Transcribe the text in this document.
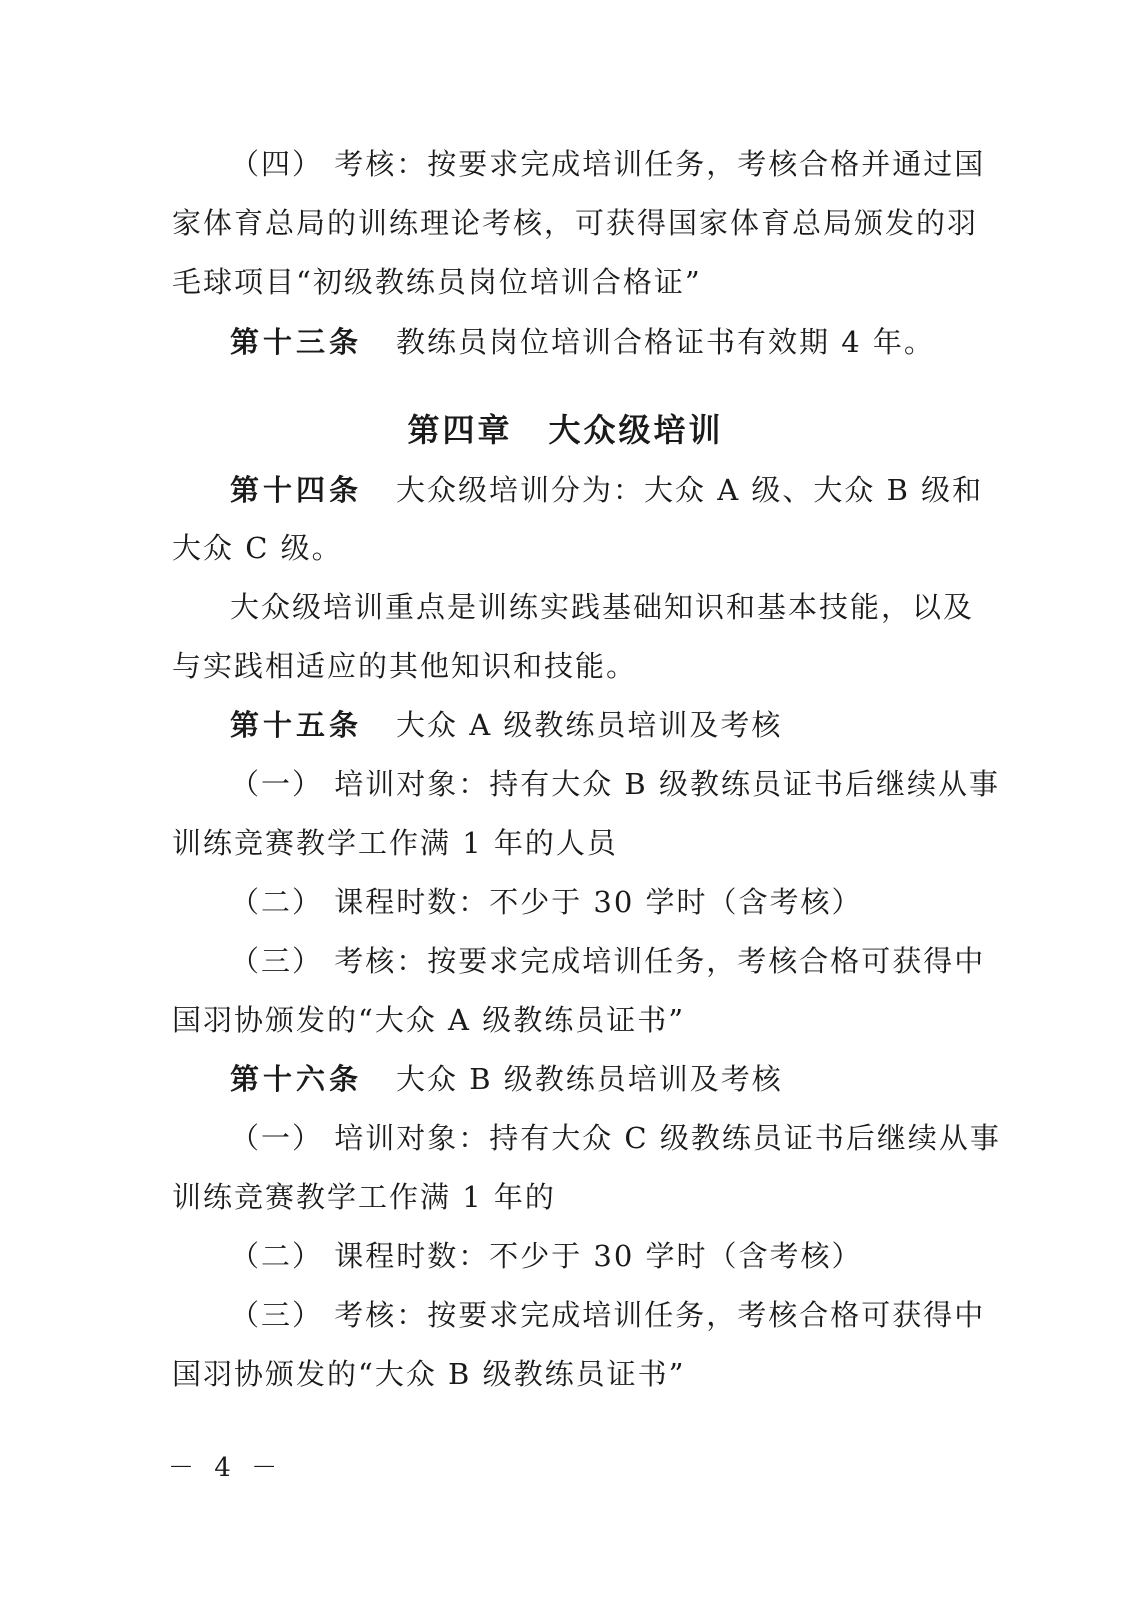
（四） 考核：按要求完成培训任务，考核合格并通过国
家体育总局的训练理论考核，可获得国家体育总局颁发的羽
毛球项目“初级教练员岗位培训合格证”
第十三条 教练员岗位培训合格证书有效期 4 年。
第四章 大众级培训
第十四条 大众级培训分为：大众 A 级、大众 B 级和
大众 C 级。
大众级培训重点是训练实践基础知识和基本技能，以及
与实践相适应的其他知识和技能。
第十五条 大众 A 级教练员培训及考核
（一） 培训对象：持有大众 B 级教练员证书后继续从事
训练竞赛教学工作满 1 年的人员
（二） 课程时数：不少于 30 学时（含考核）
（三） 考核：按要求完成培训任务，考核合格可获得中
国羽协颁发的“大众 A 级教练员证书”
第十六条 大众 B 级教练员培训及考核
（一） 培训对象：持有大众 C 级教练员证书后继续从事
训练竞赛教学工作满 1 年的
（二） 课程时数：不少于 30 学时（含考核）
（三） 考核：按要求完成培训任务，考核合格可获得中
国羽协颁发的“大众 B 级教练员证书”
－ 4 －
